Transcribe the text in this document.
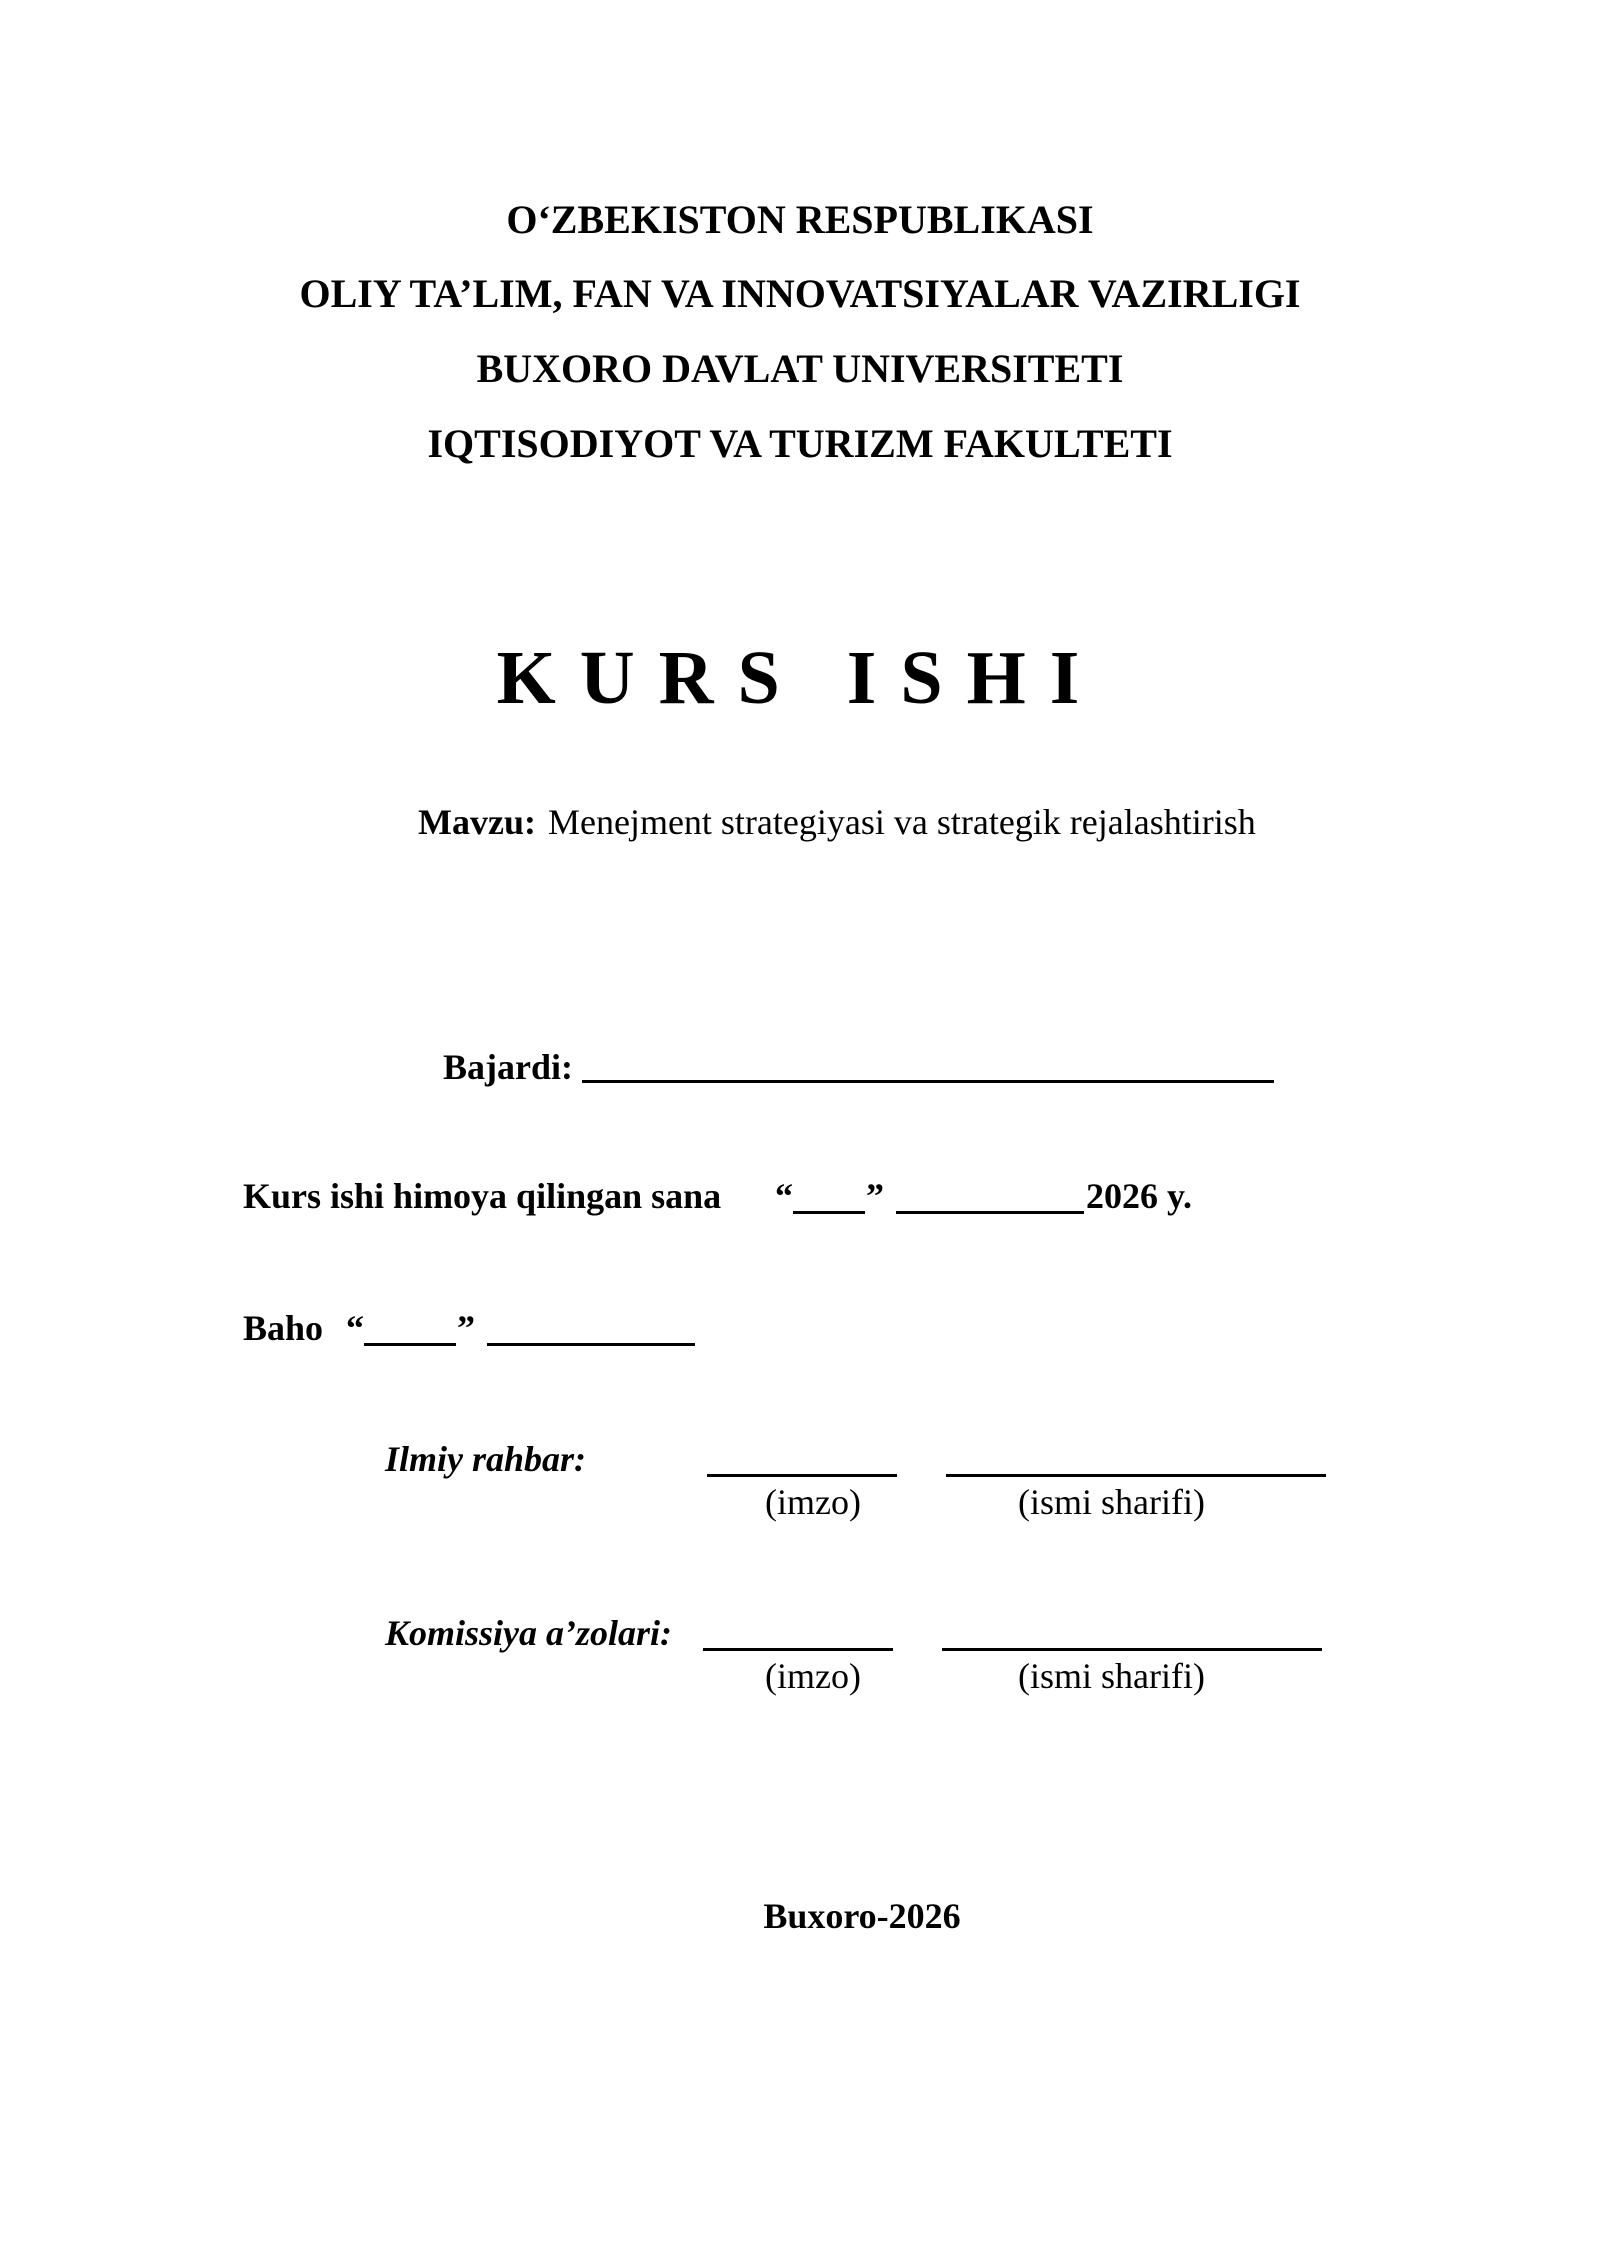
O‘ZBEKISTON RESPUBLIKASI
OLIY TA’LIM, FAN VA INNOVATSIYALAR VAZIRLIGI
BUXORO DAVLAT UNIVERSITETI
IQTISODIYOT VA TURIZM FAKULTETI
KURS ISHI
Mavzu: Menejment strategiyasi va strategik rejalashtirish
Bajardi:
Kurs ishi himoya qilingan sana “ ”	2026 y.
Baho “	”
Ilmiy rahbar:
(imzo)	(ismi sharifi)
Komissiya a’zolari:
(imzo)	(ismi sharifi)
Buxoro-2026
